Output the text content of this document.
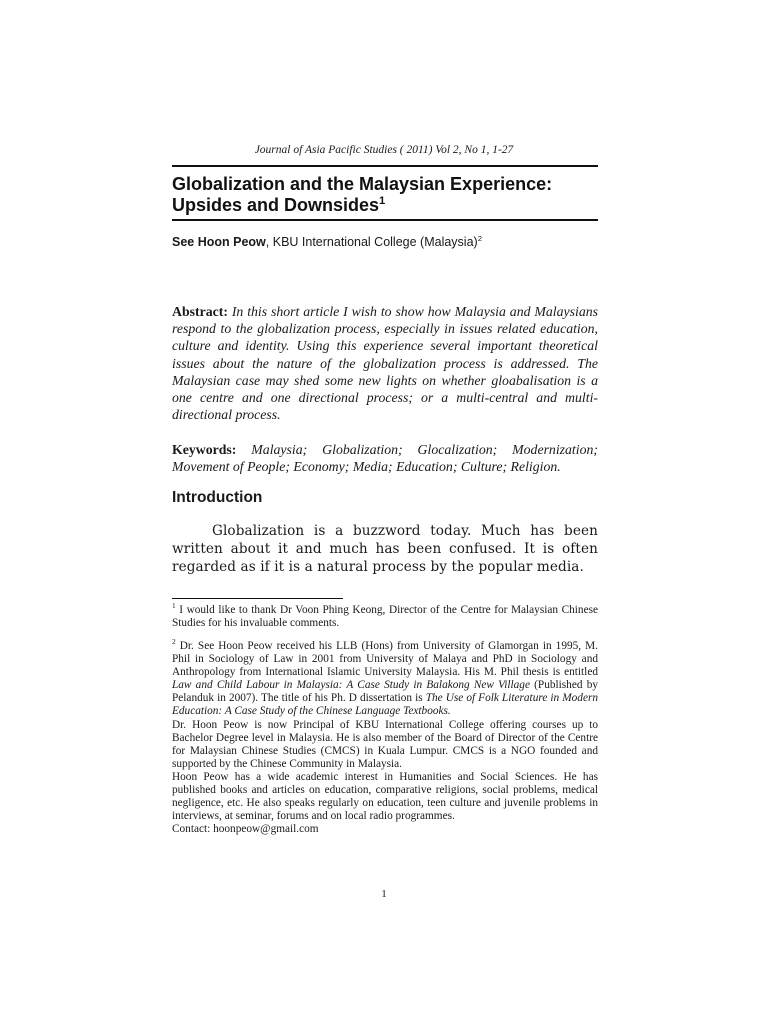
Journal of Asia Pacific Studies ( 2011) Vol 2, No 1, 1-27
Globalization and the Malaysian Experience:
Upsides and Downsides$^1$
See Hoon Peow, KBU International College (Malaysia)$^2$
Abstract: In this short article I wish to show how Malaysia and Malaysians respond to the globalization process, especially in issues related education, culture and identity. Using this experience several important theoretical issues about the nature of the globalization process is addressed. The Malaysian case may shed some new lights on whether gloabalisation is a one centre and one directional process; or a multi-central and multi-directional process.
Keywords: Malaysia; Globalization; Glocalization; Modernization; Movement of People; Economy; Media; Education; Culture; Religion.
Introduction
Globalization is a buzzword today. Much has been written about it and much has been confused. It is often regarded as if it is a natural process by the popular media.
$^1$ I would like to thank Dr Voon Phing Keong, Director of the Centre for Malaysian Chinese Studies for his invaluable comments.
$^2$ Dr. See Hoon Peow received his LLB (Hons) from University of Glamorgan in 1995, M. Phil in Sociology of Law in 2001 from University of Malaya and PhD in Sociology and Anthropology from International Islamic University Malaysia. His M. Phil thesis is entitled Law and Child Labour in Malaysia: A Case Study in Balakong New Village (Published by Pelanduk in 2007). The title of his Ph. D dissertation is The Use of Folk Literature in Modern Education: A Case Study of the Chinese Language Textbooks.
Dr. Hoon Peow is now Principal of KBU International College offering courses up to Bachelor Degree level in Malaysia. He is also member of the Board of Director of the Centre for Malaysian Chinese Studies (CMCS) in Kuala Lumpur. CMCS is a NGO founded and supported by the Chinese Community in Malaysia.
Hoon Peow has a wide academic interest in Humanities and Social Sciences. He has published books and articles on education, comparative religions, social problems, medical negligence, etc. He also speaks regularly on education, teen culture and juvenile problems in interviews, at seminar, forums and on local radio programmes.
Contact: hoonpeow@gmail.com
1
